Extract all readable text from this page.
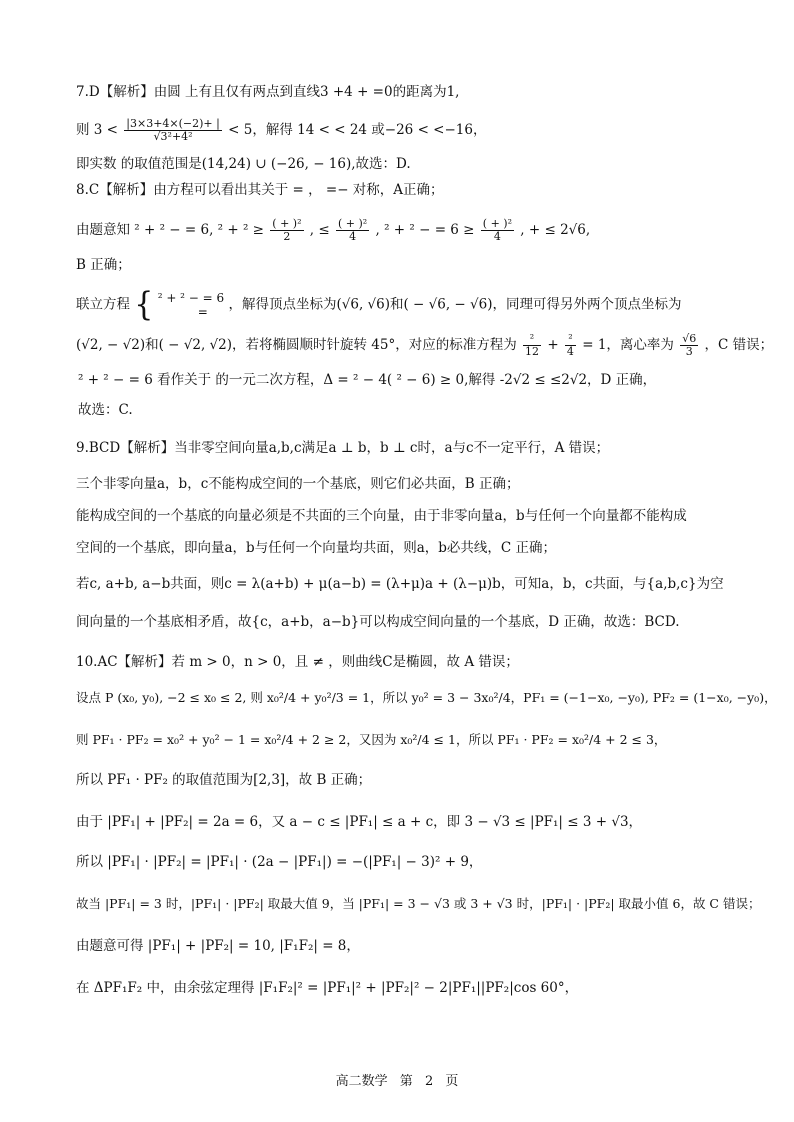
7.D【解析】由圆 上有且仅有两点到直线3 +4 + =0的距离为1,
则 $3 < \frac{|3\times 3+4\times(-2)+ |}{\text{√3²+4²}} < 5$，解得 14 < < 24 或−26 < <−16，
即实数 的取值范围是(14,24) ∪ (−26, − 16),故选：D.
8.C【解析】由方程可以看出其关于 = ， =− 对称，A正确；
由题意知 ² + ² − = 6, $^2 + ^2 \ge \frac{\text{( + )²}}{2}$ , ≤ $\frac{\text{( + )²}}{4}$ , ² + ² − = $6 \ge \frac{\text{( + )²}}{4}$ , + ≤ 2√6,
B 正确；
联立方程 { ² + ² − = 6
=	，解得顶点坐标为(√6, √6)和( − √6, − √6)，同理可得另外两个顶点坐标为
(√2, − √2)和( − √2, √2)，若将椭圆顺时针旋转 45°，对应的标准方程为 $\frac{\text{²}}{12} + \frac{\text{²}}{4} = 1$，离心率为 $\frac{√6}{3}$ ，C 错误；
² + ² − = 6 看作关于 的一元二次方程，Δ = ² − 4( ² − 6) ≥ 0,解得 -2√2 ≤ ≤2√2，D 正确，
故选：C.
9.BCD【解析】当非零空间向量a,b,c满足a ⊥ b，b ⊥ c时，a与c不一定平行，A 错误；
三个非零向量a，b，c不能构成空间的一个基底，则它们必共面，B 正确；
能构成空间的一个基底的向量必须是不共面的三个向量，由于非零向量a，b与任何一个向量都不能构成
空间的一个基底，即向量a，b与任何一个向量均共面，则a，b必共线，C 正确；
若c, a+b, a−b共面，则c = λ(a+b) + μ(a−b) = (λ+μ)a + (λ−μ)b，可知a，b，c共面，与{a,b,c}为空
间向量的一个基底相矛盾，故{c，a+b，a−b}可以构成空间向量的一个基底，D 正确，故选：BCD.
10.AC【解析】若 m > 0，n > 0，且 ≠ ，则曲线C是椭圆，故 A 错误；
设点 P (x₀, y₀), −2 ≤ x₀ ≤ 2, 则 x₀²/4 + y₀²/3 = 1，所以 y₀² = 3 − 3x₀²/4，PF₁ = (−1−x₀, −y₀), PF₂ = (1−x₀, −y₀)，
则 PF₁ · PF₂ = x₀² + y₀² − 1 = x₀²/4 + 2 ≥ 2，又因为 x₀²/4 ≤ 1，所以 PF₁ · PF₂ = x₀²/4 + 2 ≤ 3，
所以 PF₁ · PF₂ 的取值范围为[2,3]，故 B 正确；
由于 |PF₁| + |PF₂| = 2a = 6，又 a − c ≤ |PF₁| ≤ a + c，即 3 − √3 ≤ |PF₁| ≤ 3 + √3，
所以 |PF₁| · |PF₂| = |PF₁| · (2a − |PF₁|) = −(|PF₁| − 3)² + 9，
故当 |PF₁| = 3 时，|PF₁| · |PF₂| 取最大值 9，当 |PF₁| = 3 − √3 或 3 + √3 时，|PF₁| · |PF₂| 取最小值 6，故 C 错误；
由题意可得 |PF₁| + |PF₂| = 10, |F₁F₂| = 8，
在 ΔPF₁F₂ 中，由余弦定理得 |F₁F₂|² = |PF₁|² + |PF₂|² − 2|PF₁||PF₂|cos 60°，
高二数学 第 2 页
